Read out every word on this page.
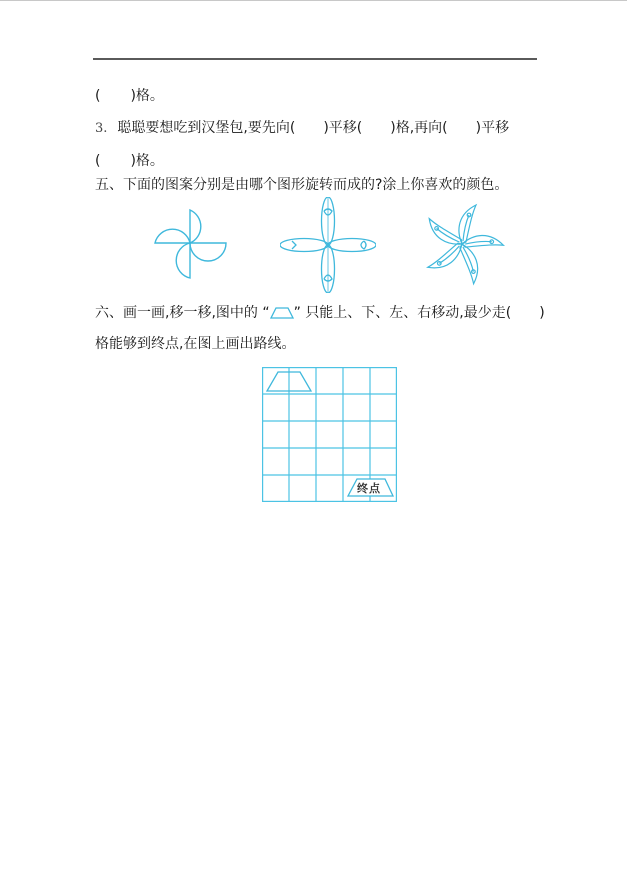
( )格。
3. 聪聪要想吃到汉堡包,要先向( )平移( )格,再向( )平移
( )格。
五、下面的图案分别是由哪个图形旋转而成的?涂上你喜欢的颜色。
六、画一画,移一移,图中的 “ ” 只能上、下、左、右移动,最少走( )
格能够到终点,在图上画出路线。
终点
